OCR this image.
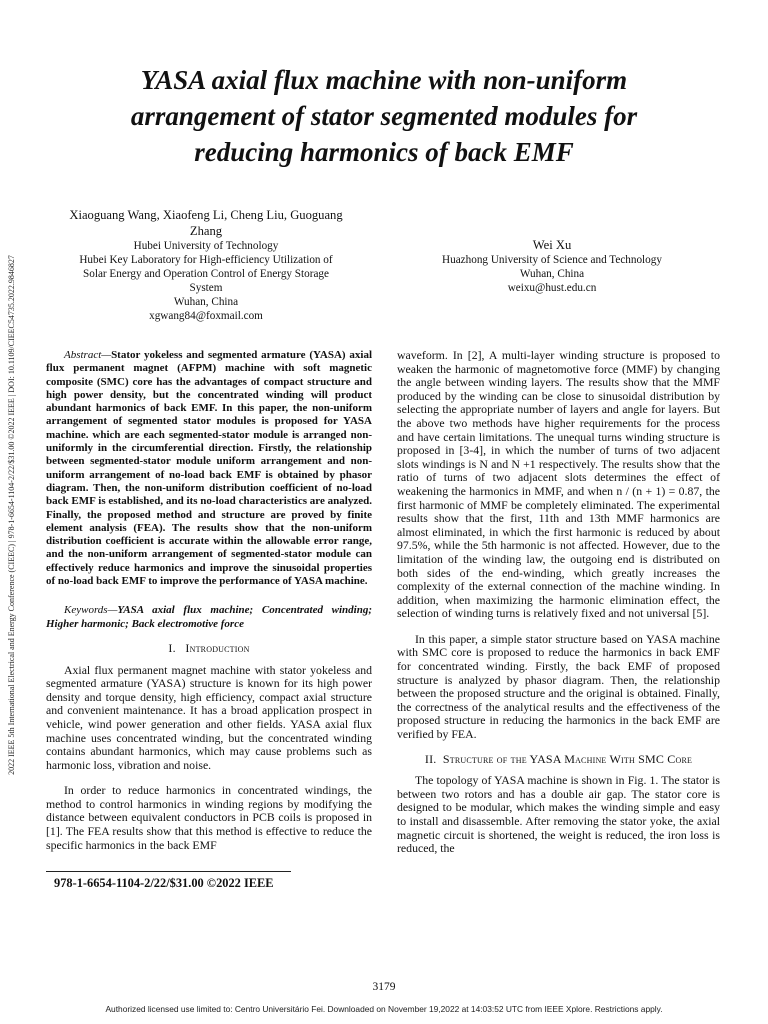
2022 IEEE 5th International Electrical and Energy Conference (CIEEC) | 978-1-6654-1104-2/22/$31.00 ©2022 IEEE | DOI: 10.1109/CIEEC54735.2022.9846827
YASA axial flux machine with non-uniform
arrangement of stator segmented modules for
reducing harmonics of back EMF
Xiaoguang Wang, Xiaofeng Li, Cheng Liu, Guoguang
Zhang
Hubei University of Technology
Hubei Key Laboratory for High-efficiency Utilization of
Solar Energy and Operation Control of Energy Storage
System
Wuhan, China
xgwang84@foxmail.com
Wei Xu
Huazhong University of Science and Technology
Wuhan, China
weixu@hust.edu.cn

Abstract—Stator yokeless and segmented armature (YASA) axial flux permanent magnet (AFPM) machine with soft magnetic composite (SMC) core has the advantages of compact structure and high power density, but the concentrated winding will product abundant harmonics of back EMF. In this paper, the non-uniform arrangement of segmented stator modules is proposed for YASA machine. which are each segmented-stator module is arranged non-uniformly in the circumferential direction. Firstly, the relationship between segmented-stator module uniform arrangement and non-uniform arrangement of no-load back EMF is obtained by phasor diagram. Then, the non-uniform distribution coefficient of no-load back EMF is established, and its no-load characteristics are analyzed. Finally, the proposed method and structure are proved by finite element analysis (FEA). The results show that the non-uniform distribution coefficient is accurate within the allowable error range, and the non-uniform arrangement of segmented-stator module can effectively reduce harmonics and improve the sinusoidal properties of no-load back EMF to improve the performance of YASA machine.

Keywords—YASA axial flux machine; Concentrated winding; Higher harmonic; Back electromotive force

I. Introduction

Axial flux permanent magnet machine with stator yokeless and segmented armature (YASA) structure is known for its high power density and torque density, high efficiency, compact axial structure and convenient maintenance. It has a broad application prospect in vehicle, wind power generation and other fields. YASA axial flux machine uses concentrated winding, but the concentrated winding contains abundant harmonics, which may cause problems such as harmonic loss, vibration and noise.

In order to reduce harmonics in concentrated windings, the method to control harmonics in winding regions by modifying the distance between equivalent conductors in PCB coils is proposed in [1]. The FEA results show that this method is effective to reduce the specific harmonics in the back EMF

waveform. In [2], A multi-layer winding structure is proposed to weaken the harmonic of magnetomotive force (MMF) by changing the angle between winding layers. The results show that the MMF produced by the winding can be close to sinusoidal distribution by selecting the appropriate number of layers and angle for layers. But the above two methods have higher requirements for the process and have certain limitations. The unequal turns winding structure is proposed in [3-4], in which the number of turns of two adjacent slots windings is N and N +1 respectively. The results show that the ratio of turns of two adjacent slots determines the effect of weakening the harmonics in MMF, and when n / (n + 1) = 0.87, the first harmonic of MMF be completely eliminated. The experimental results show that the first, 11th and 13th MMF harmonics are almost eliminated, in which the first harmonic is reduced by about 97.5%, while the 5th harmonic is not affected. However, due to the limitation of the winding law, the outgoing end is distributed on both sides of the end-winding, which greatly increases the complexity of the external connection of the machine winding. In addition, when maximizing the harmonic elimination effect, the selection of winding turns is relatively fixed and not universal [5].

In this paper, a simple stator structure based on YASA machine with SMC core is proposed to reduce the harmonics in back EMF for concentrated winding. Firstly, the back EMF of proposed structure is analyzed by phasor diagram. Then, the relationship between the proposed structure and the original is obtained. Finally, the correctness of the analytical results and the effectiveness of the proposed structure in reducing the harmonics in the back EMF are verified by FEA.

II. Structure of the YASA Machine With SMC Core

The topology of YASA machine is shown in Fig. 1. The stator is between two rotors and has a double air gap. The stator core is designed to be modular, which makes the winding simple and easy to install and disassemble. After removing the stator yoke, the axial magnetic circuit is shortened, the weight is reduced, the iron loss is reduced, the

978-1-6654-1104-2/22/$31.00 ©2022 IEEE
3179
Authorized licensed use limited to: Centro Universitário Fei. Downloaded on November 19,2022 at 14:03:52 UTC from IEEE Xplore. Restrictions apply.
